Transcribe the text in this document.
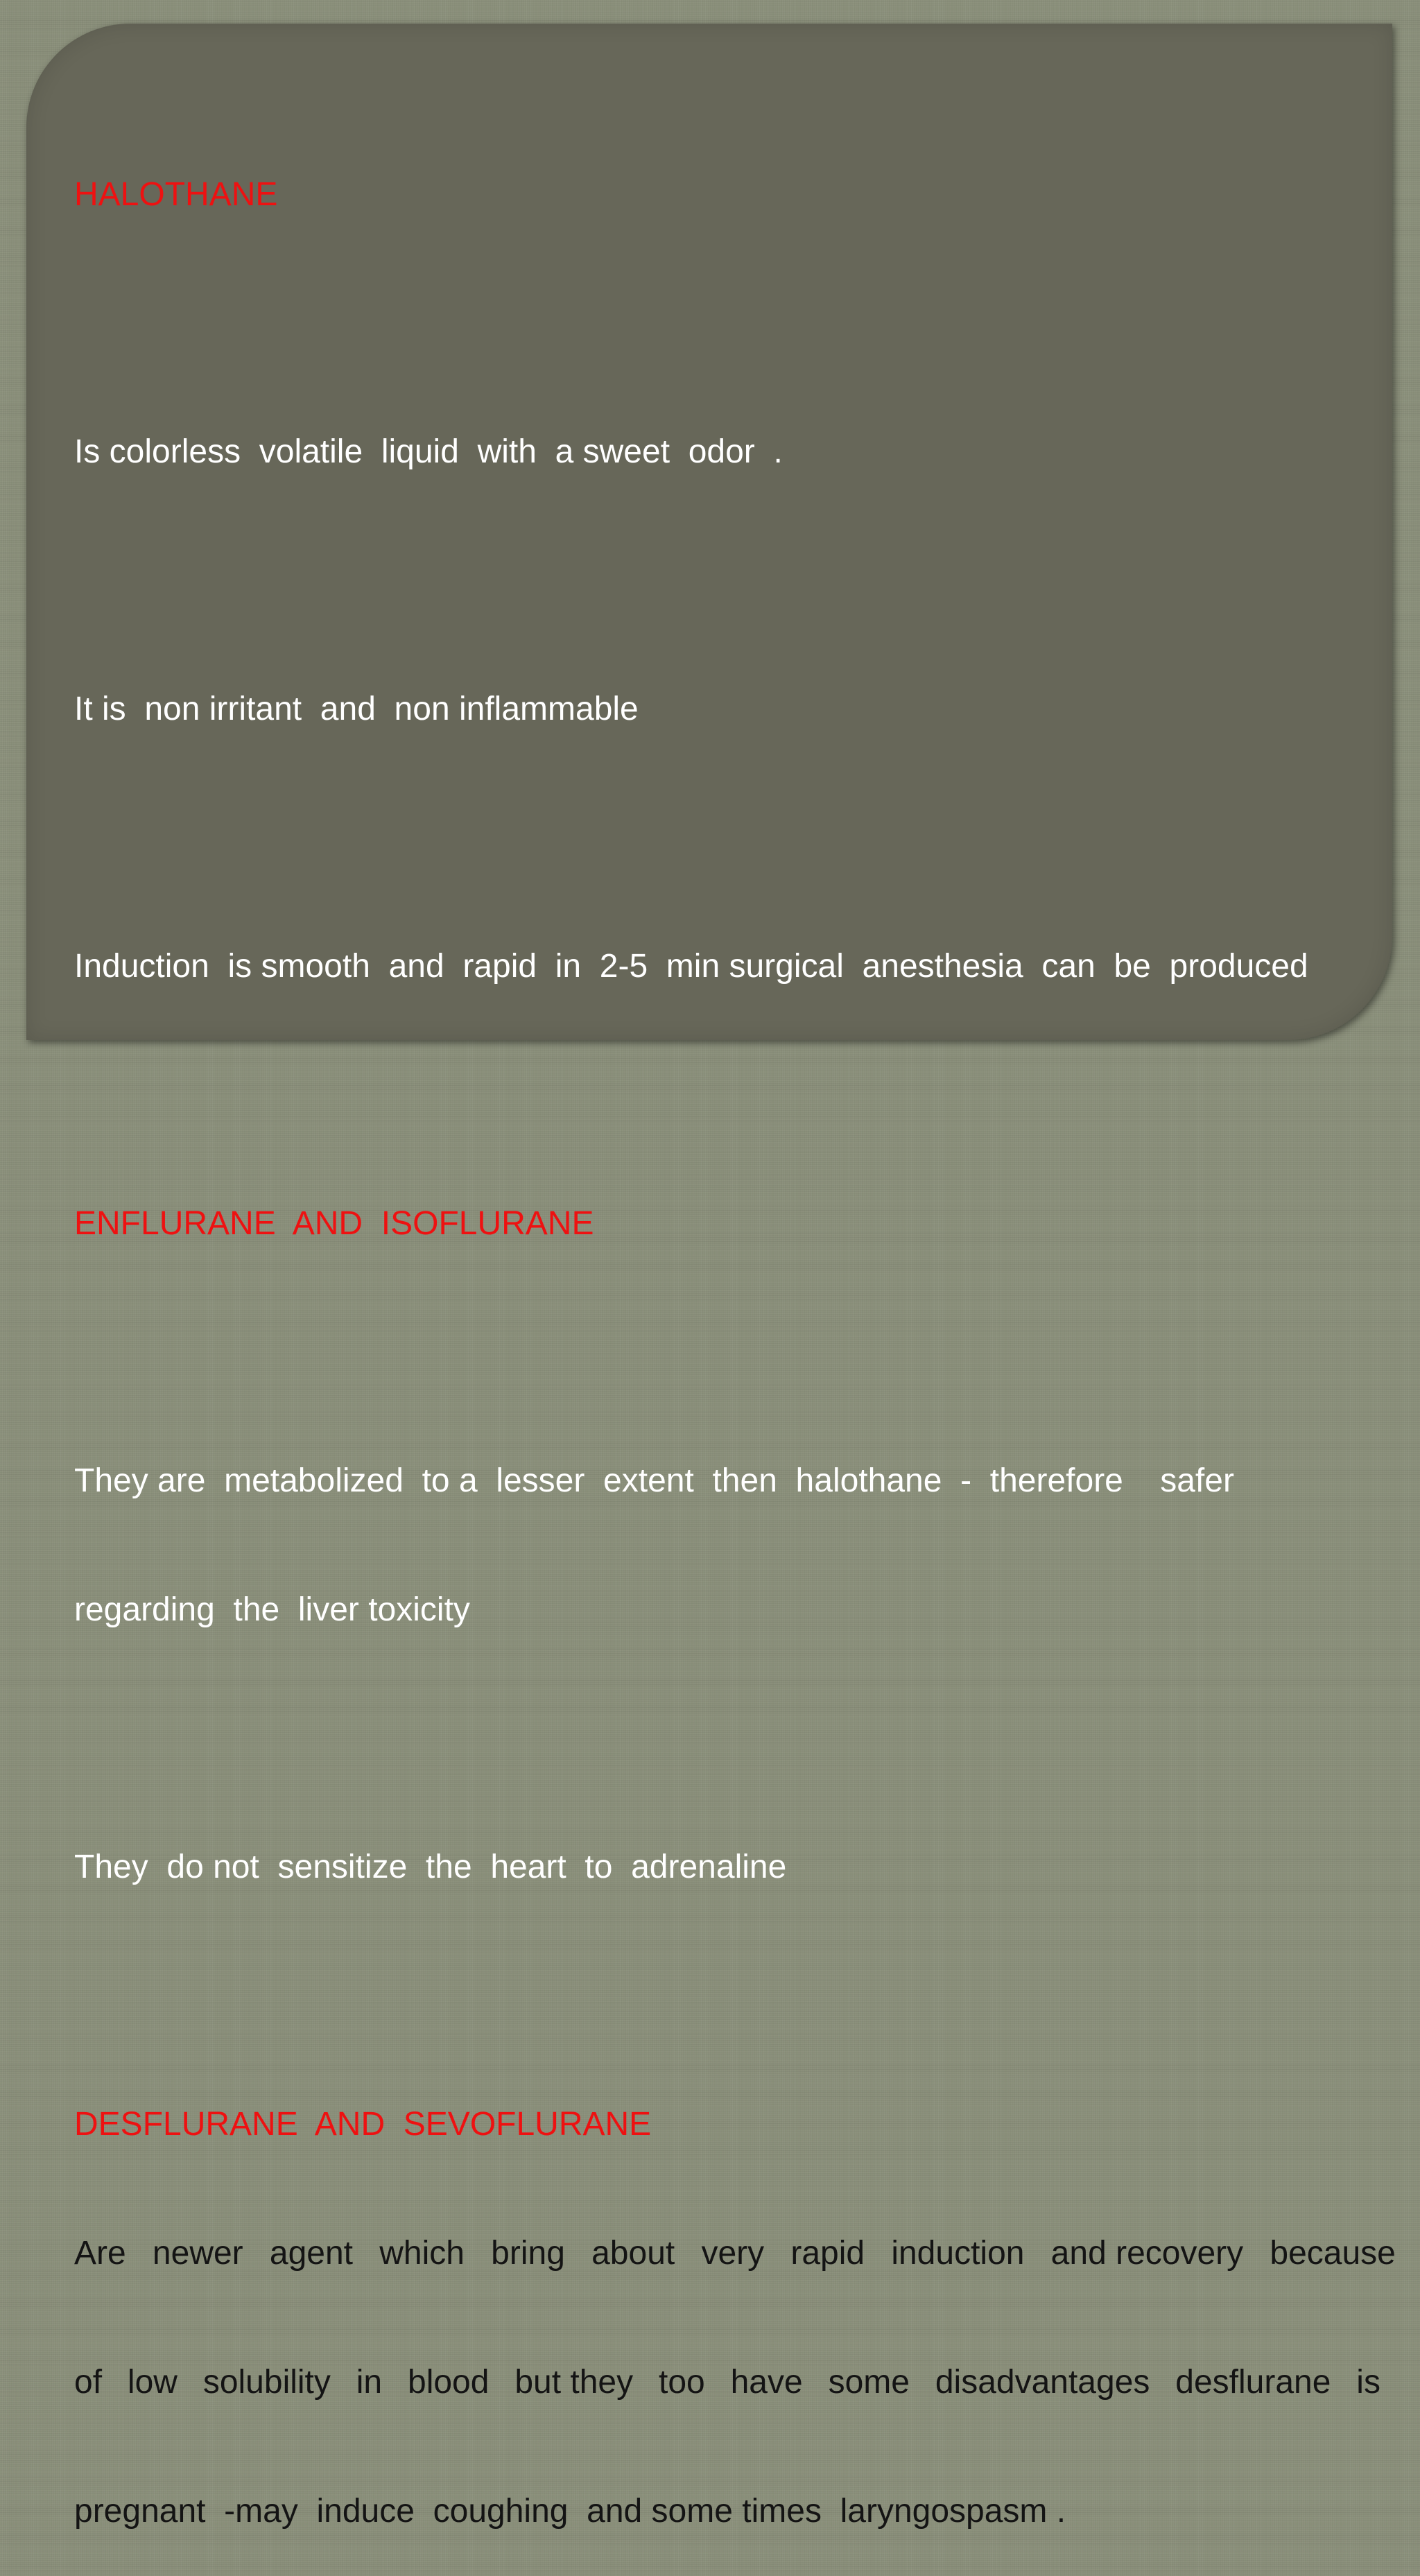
HALOTHANE

Is colorless  volatile  liquid  with  a sweet  odor  .

It is  non irritant  and  non inflammable

Induction  is smooth  and  rapid  in  2-5  min surgical  anesthesia  can  be  produced

ENFLURANE  AND  ISOFLURANE

They are  metabolized  to a  lesser  extent  then  halothane  -  therefore    safer

regarding  the  liver toxicity

They  do not  sensitize  the  heart  to  adrenaline

DESFLURANE  AND  SEVOFLURANE

Are newer agent which bring about very rapid induction and recovery because

of low solubility in blood but they too have some disadvantages desflurane is

pregnant  -may  induce  coughing  and some times  laryngospasm .
